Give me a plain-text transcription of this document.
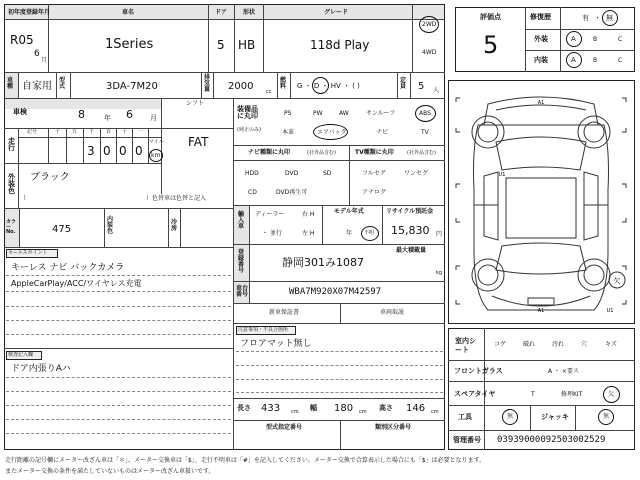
初年度登録年月
R05
6
月
車名
1Series
ドア
5
形状
HB
グレード
118d Play
2WD
4WD
車種 自家用
型式	3DA-7M20
排気量 2000	cc
燃料 G ・ D ・ HV ・ ( )
定員 5 人
車検	8	年 6 月
シフト
FAT
走行
記号	十 万 千 百 十 一
3 0 0 0
マイル
km
外装色
ブラック
（	）色替車は色替と記入
カラーNo.	475
内装色
冷房
セールスポイント
キーレス ナビ バックカメラ
AppleCarPlay/ACC/ワイヤレス充電
検査記入欄
ドア内張りAハ
装備品に丸印
(純正のみ)
PS	PW	AW	サンルーフ	ABS
本革	エアバック	ナビ	TV
ナビ種類に丸印	(社外品含む)	TV種類に丸印	(社外品含む)
HDD	DVD	SD
CD	DVD再生可
フルセグ	ワンセグ
アナログ
輸入車
ディーラー
・ 並行
右 H
左 H
モデル年式
年 不明
リサイクル預託金
15,830 円
登録番号
静岡301み1087
最大積載量
kg
車台番号	WBA7M920X07M42597
新車保証書	車両取説
注意事項・不具合箇所
フロアマット無し
長さ 433 cm 幅 180 cm 高さ 146 cm
型式指定番号	類別区分番号
評価点
5
修復歴	有 ・ 無
外装	A	B	C
内装	A	B	C
A1
U1
A1	U1
欠
室内シート
コゲ	破れ	汚れ	穴	キズ
フロントガラス	A ・ ×要ス
スペアタイヤ	T	修理KIT	欠
工具	無	ジャッキ	無
管理番号 03939000092503002529
走行距離の記号欄にメーター改ざん車は「＊」、メーター交換車は「$」、走行不明車は「#」を記入してください。メーター交換で合算表示した場合にも「$」は必要となります。
またメーター交換の条件を満たしていないものはメーター改ざん車扱いです。
